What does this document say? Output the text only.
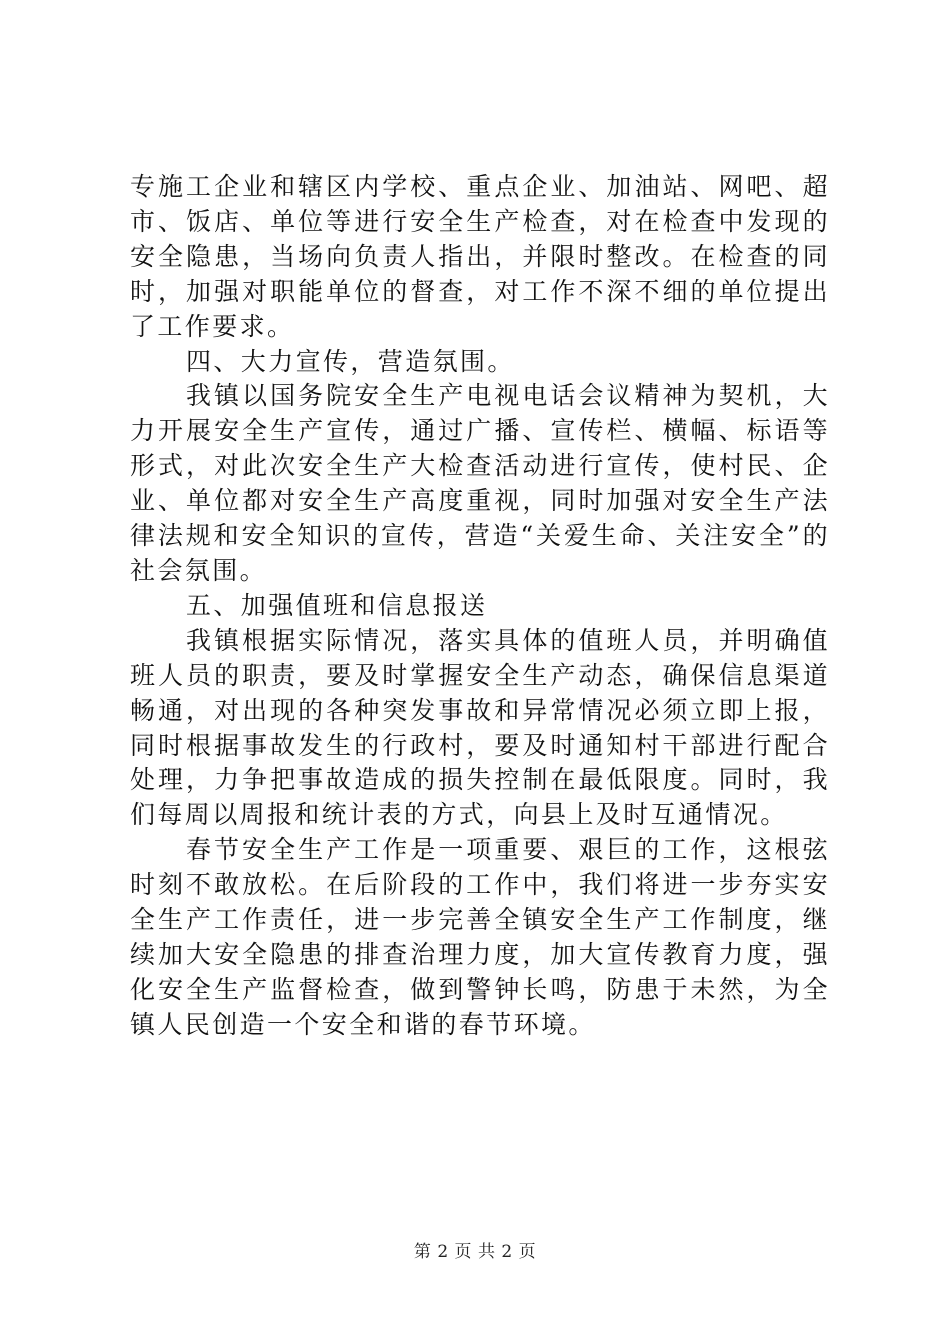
专施工企业和辖区内学校、重点企业、加油站、网吧、超市、饭店、单位等进行安全生产检查，对在检查中发现的安全隐患，当场向负责人指出，并限时整改。在检查的同时，加强对职能单位的督查，对工作不深不细的单位提出了工作要求。

四、大力宣传，营造氛围。

我镇以国务院安全生产电视电话会议精神为契机，大力开展安全生产宣传，通过广播、宣传栏、横幅、标语等形式，对此次安全生产大检查活动进行宣传，使村民、企业、单位都对安全生产高度重视，同时加强对安全生产法律法规和安全知识的宣传，营造“关爱生命、关注安全”的社会氛围。

五、加强值班和信息报送

我镇根据实际情况，落实具体的值班人员，并明确值班人员的职责，要及时掌握安全生产动态，确保信息渠道畅通，对出现的各种突发事故和异常情况必须立即上报，同时根据事故发生的行政村，要及时通知村干部进行配合处理，力争把事故造成的损失控制在最低限度。同时，我们每周以周报和统计表的方式，向县上及时互通情况。

春节安全生产工作是一项重要、艰巨的工作，这根弦时刻不敢放松。在后阶段的工作中，我们将进一步夯实安全生产工作责任，进一步完善全镇安全生产工作制度，继续加大安全隐患的排查治理力度，加大宣传教育力度，强化安全生产监督检查，做到警钟长鸣，防患于未然，为全镇人民创造一个安全和谐的春节环境。

第 2 页 共 2 页
